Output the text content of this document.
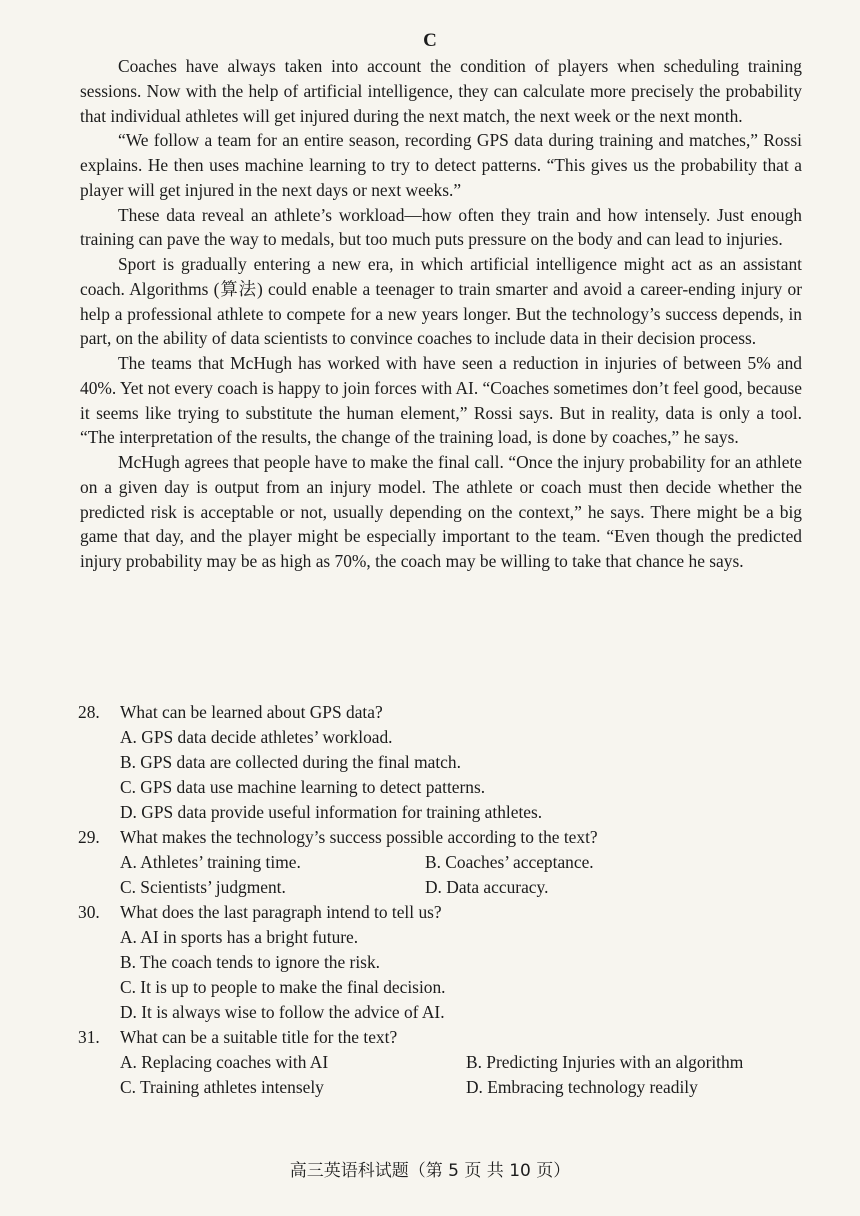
C

Coaches have always taken into account the condition of players when scheduling training sessions. Now with the help of artificial intelligence, they can calculate more precisely the probability that individual athletes will get injured during the next match, the next week or the next month.

“We follow a team for an entire season, recording GPS data during training and matches,” Rossi explains. He then uses machine learning to try to detect patterns. “This gives us the probability that a player will get injured in the next days or next weeks.”

These data reveal an athlete’s workload—how often they train and how intensely. Just enough training can pave the way to medals, but too much puts pressure on the body and can lead to injuries.

Sport is gradually entering a new era, in which artificial intelligence might act as an assistant coach. Algorithms (算法) could enable a teenager to train smarter and avoid a career-ending injury or help a professional athlete to compete for a new years longer. But the technology’s success depends, in part, on the ability of data scientists to convince coaches to include data in their decision process.

The teams that McHugh has worked with have seen a reduction in injuries of between 5% and 40%. Yet not every coach is happy to join forces with AI. “Coaches sometimes don’t feel good, because it seems like trying to substitute the human element,” Rossi says. But in reality, data is only a tool. “The interpretation of the results, the change of the training load, is done by coaches,” he says.

McHugh agrees that people have to make the final call. “Once the injury probability for an athlete on a given day is output from an injury model. The athlete or coach must then decide whether the predicted risk is acceptable or not, usually depending on the context,” he says. There might be a big game that day, and the player might be especially important to the team. “Even though the predicted injury probability may be as high as 70%, the coach may be willing to take that chance he says.

28.	What can be learned about GPS data?
A. GPS data decide athletes’ workload.
B. GPS data are collected during the final match.
C. GPS data use machine learning to detect patterns.
D. GPS data provide useful information for training athletes.
29.	What makes the technology’s success possible according to the text?
A. Athletes’ training time.	B. Coaches’ acceptance.
C. Scientists’ judgment.	D. Data accuracy.
30.	What does the last paragraph intend to tell us?
A. AI in sports has a bright future.
B. The coach tends to ignore the risk.
C. It is up to people to make the final decision.
D. It is always wise to follow the advice of AI.
31.	What can be a suitable title for the text?
A. Replacing coaches with AI	B. Predicting Injuries with an algorithm
C. Training athletes intensely	D. Embracing technology readily
高三英语科试题（第 5 页 共 10 页）
